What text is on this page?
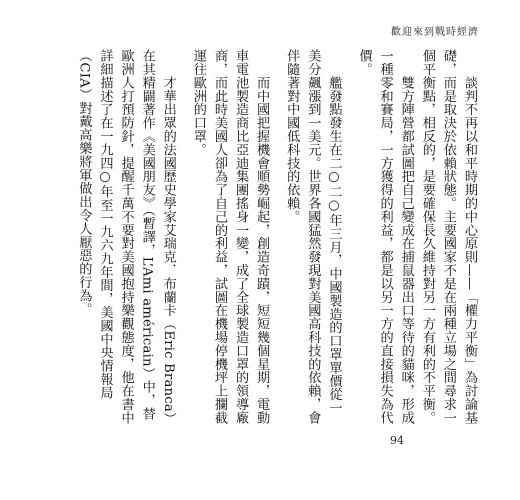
歡迎來到戰時經濟

　　談判不再以和平時期的中心原則——「權力平衡」為討論基礎，而是取決於依賴狀態。主要國家不是在兩種立場之間尋求一個平衡點，相反的，是要確保長久維持對另一方有利的不平衡。

　　雙方陣營都試圖把自己變成在捕鼠器出口等待的貓咪，形成一種零和賽局，一方獲得的利益，都是以另一方的直接損失為代價。

　　艦發點發生在二○二○年三月，中國製造的口罩單價從一美分飆漲到一美元。世界各國猛然發現對美國高科技的依賴，會伴隨著對中國低科技的依賴。

　　而中國把握機會順勢崛起，創造奇蹟，短短幾個星期，電動車電池製造商比亞迪集團搖身一變，成了全球製造口罩的領導廠商，而此時美國人卻為了自己的利益，試圖在機場停機坪上攔截運往歐洲的口罩。

　　才華出眾的法國歷史學家艾瑞克．布蘭卡（Eric Branca）在其精闢著作《美國朋友》（暫譯，L’Ami américain）中，替歐洲人打預防針，提醒千萬不要對美國抱持樂觀態度，他在書中詳細描述了在一九四○年至一九六九年間，美國中央情報局（CIA）對戴高樂將軍做出令人厭惡的行為。

94
